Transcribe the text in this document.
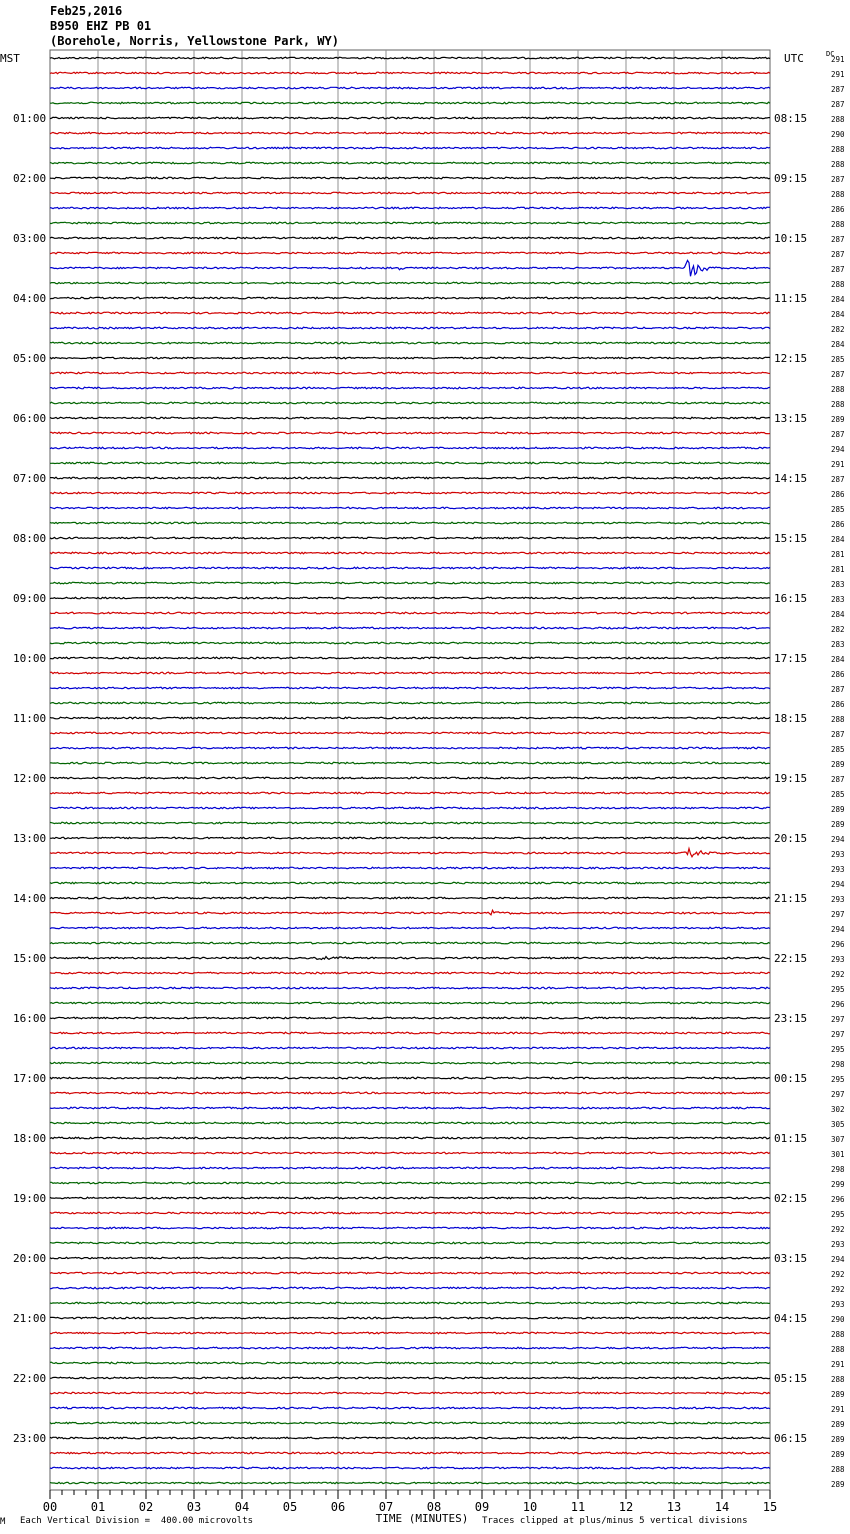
Feb25,2016
B950 EHZ PB 01
(Borehole, Norris, Yellowstone Park, WY)
291
291
287
287
288
290
288
288
287
288
286
288
287
287
287
288
284
284
282
284
285
287
288
288
289
287
294
291
287
286
285
286
284
281
281
283
283
284
282
283
284
286
287
286
288
287
285
289
287
285
289
289
294
293
293
294
293
297
294
296
293
292
295
296
297
297
295
298
295
297
302
305
307
301
298
299
296
295
292
293
294
292
292
293
290
288
288
291
288
289
291
289
289
289
288
289
MST	UTC	DC
01:00
02:00
03:00
04:00
05:00
06:00
07:00
08:00
09:00
10:00
11:00
12:00
13:00
14:00
15:00
16:00
17:00
18:00
19:00
20:00
21:00
22:00
23:00
08:15
09:15
10:15
11:15
12:15
13:15
14:15
15:15
16:15
17:15
18:15
19:15
20:15
21:15
22:15
23:15
00:15
01:15
02:15
03:15
04:15
05:15
06:15
00	01	02	03	04	05	06	07	08	09	10	11	12	13	14	15
TIME (MINUTES)
M Each Vertical Division =  400.00 microvolts	Traces clipped at plus/minus 5 vertical divisions
